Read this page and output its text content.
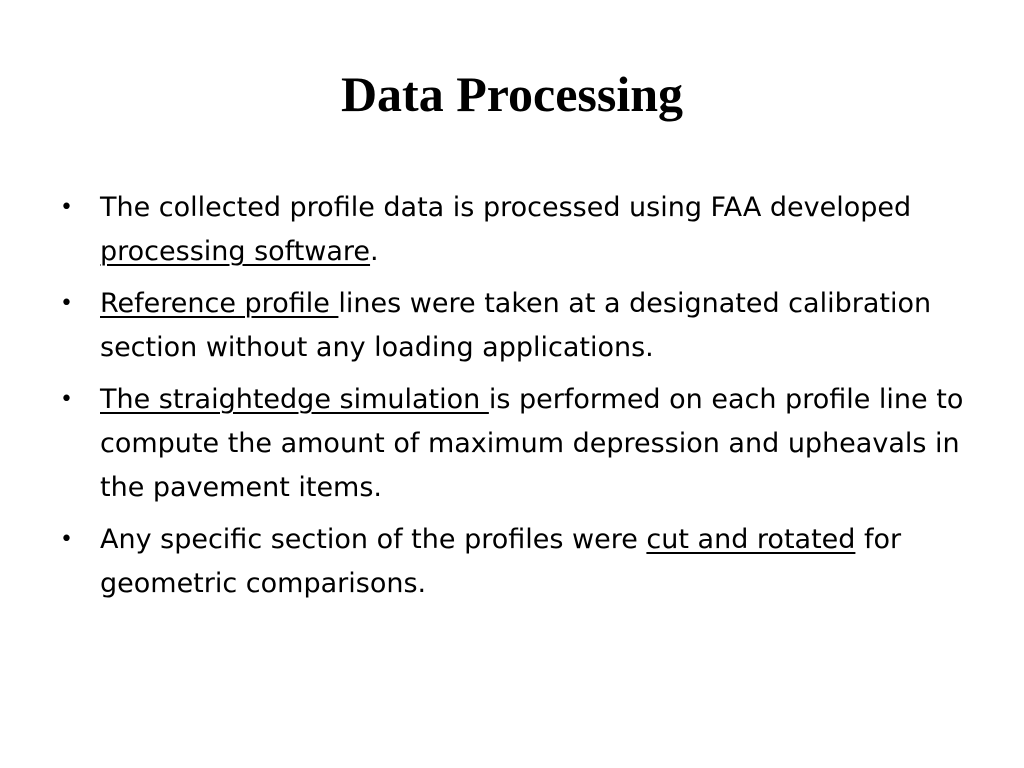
Data Processing
• The collected profile data is processed using FAA developed processing software.
• Reference profile lines were taken at a designated calibration section without any loading applications.
• The straightedge simulation is performed on each profile line to compute the amount of maximum depression and upheavals in the pavement items.
• Any specific section of the profiles were cut and rotated for geometric comparisons.
